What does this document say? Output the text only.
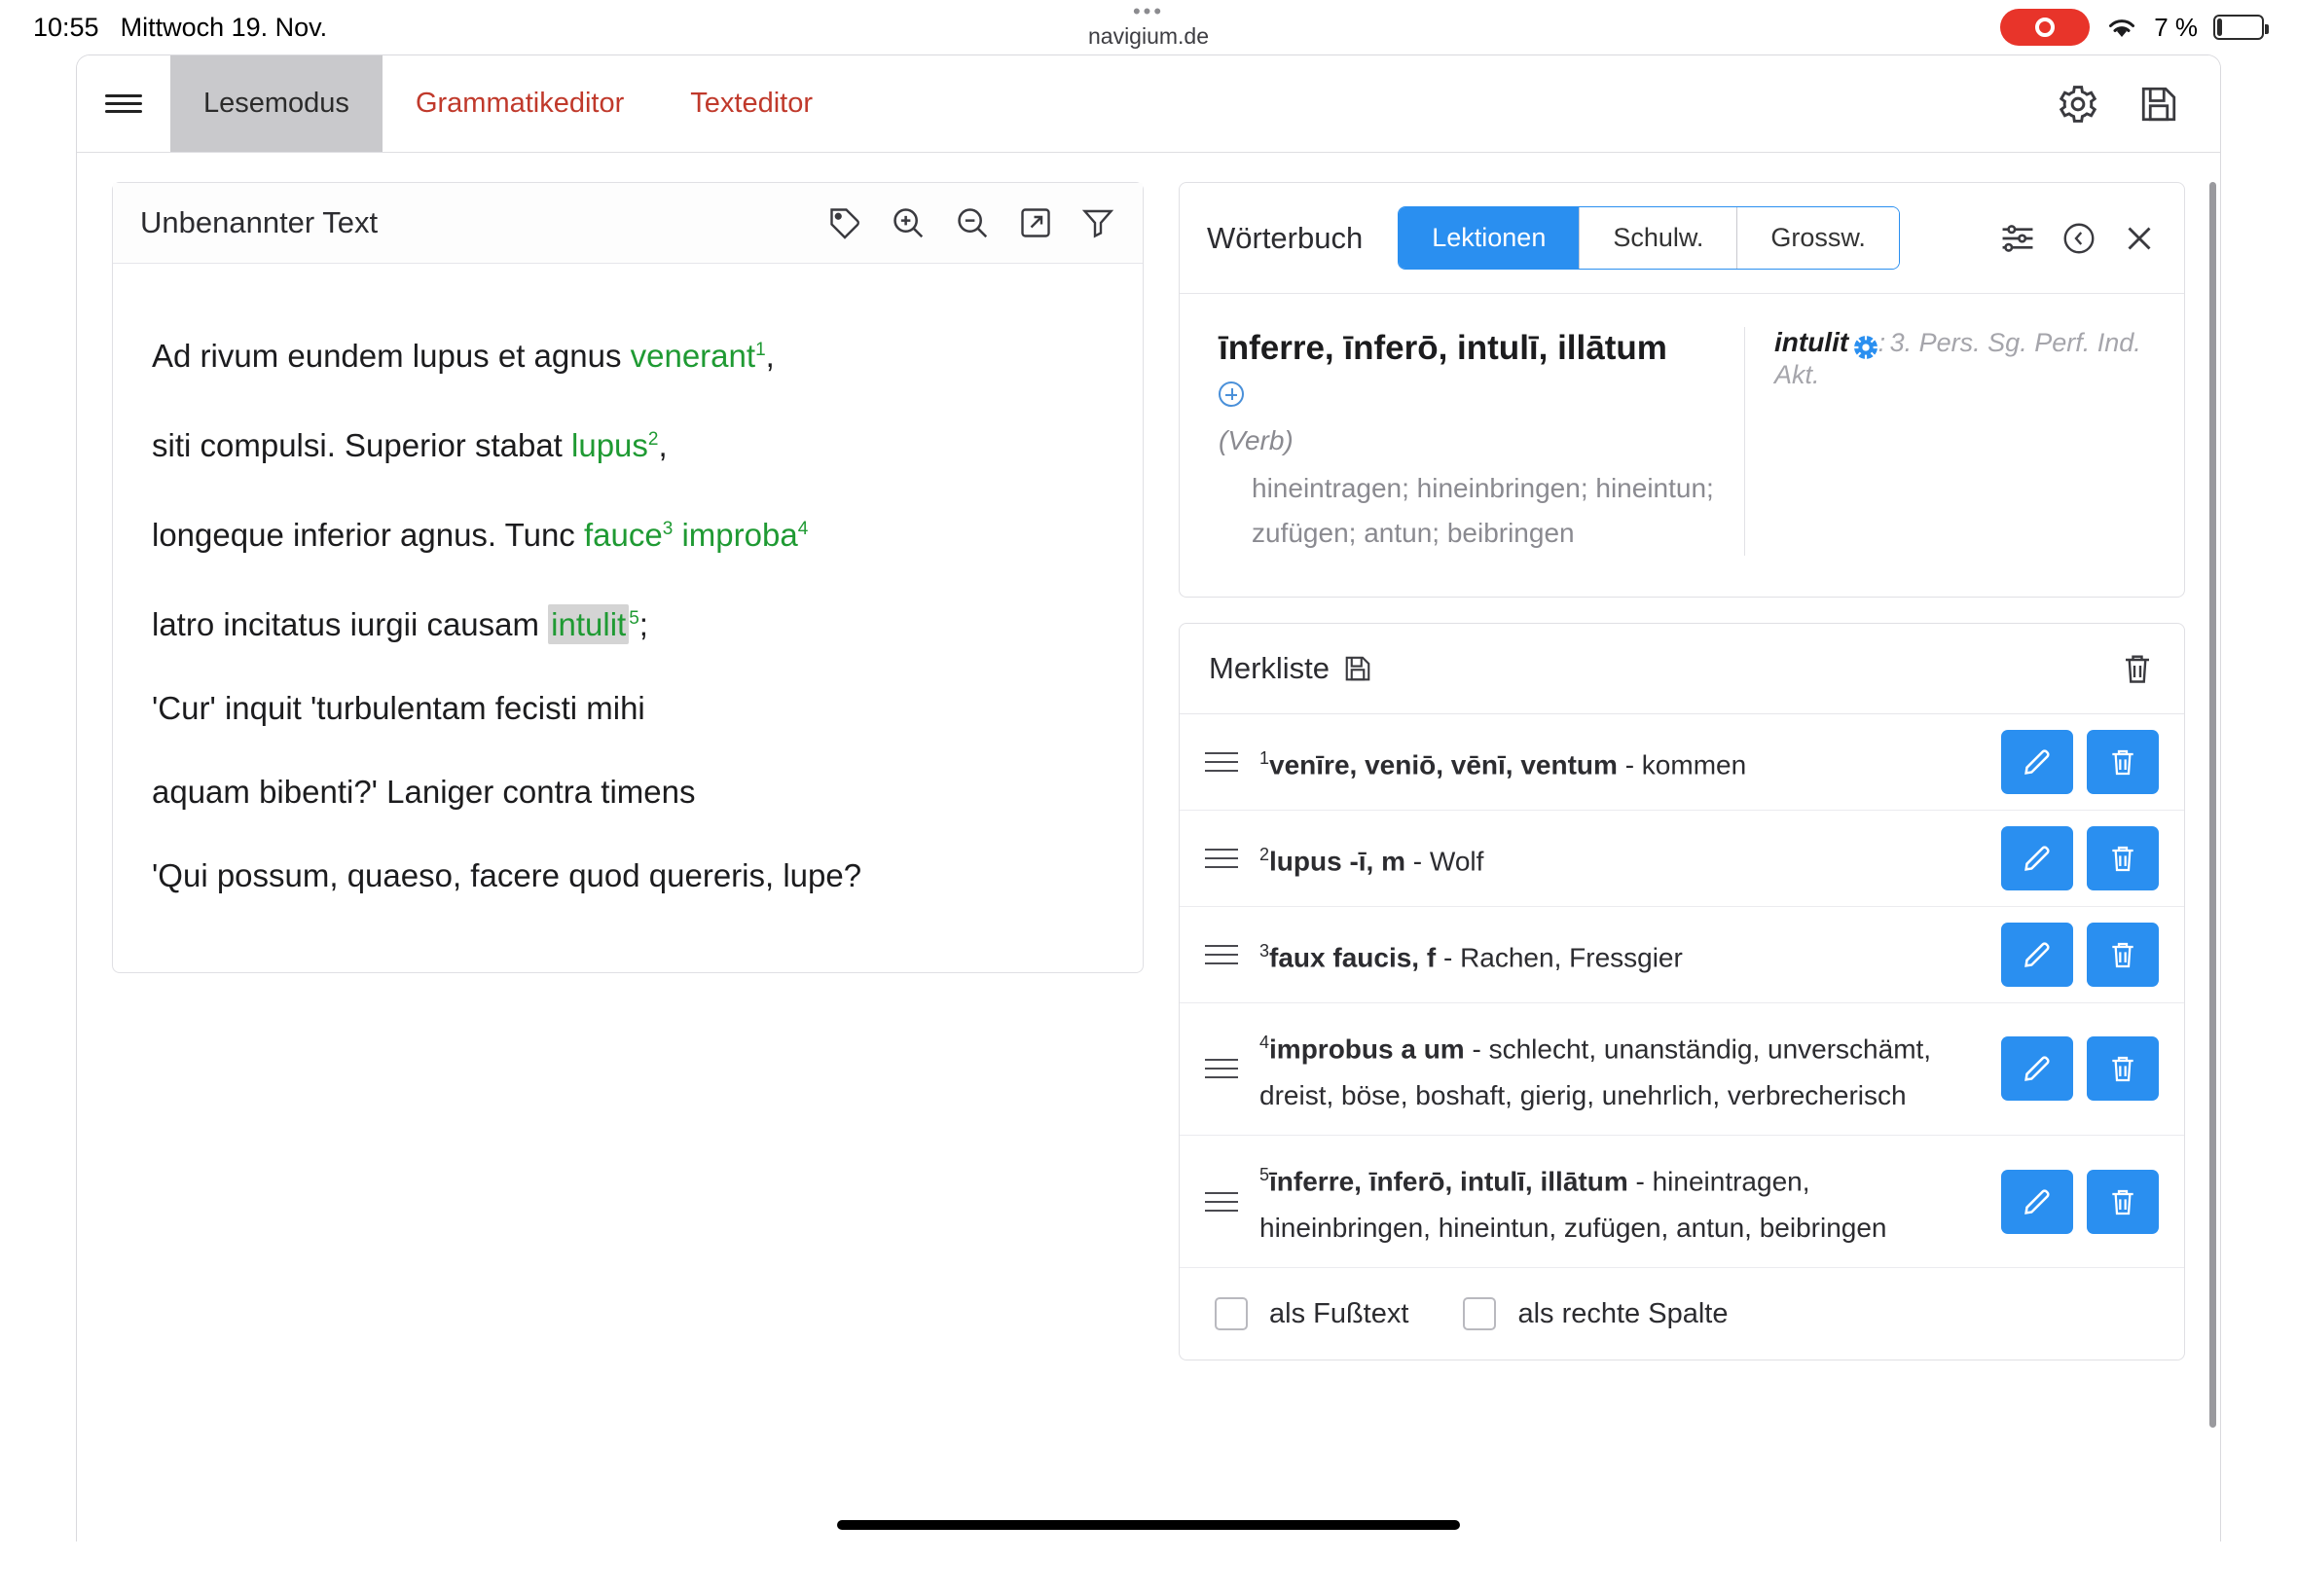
10:55 Mittwoch 19. Nov.
•••
navigium.de	7 %
Lesemodus Grammatikeditor Texteditor
Unbenannter Text
Ad rivum eundem lupus et agnus venerant$^1$,
siti compulsi. Superior stabat lupus$^2$,
longeque inferior agnus. Tunc fauce$^3$ improba$^4$
latro incitatus iurgii causam intulit $^5$;
'Cur' inquit 'turbulentam fecisti mihi
aquam bibenti?' Laniger contra timens
'Qui possum, quaeso, facere quod quereris, lupe?
Wörterbuch	Lektionen	Schulw.	Grossw.
īnferre, īnferō, intulī, illātum
(Verb)
hineintragen; hineinbringen; hineintun; zufügen; antun; beibringen
intulit : 3. Pers. Sg. Perf. Ind. Akt.
Merkliste
$^1$venīre, veniō, vēnī, ventum - kommen
$^2$lupus -ī, m - Wolf
$^3$faux faucis, f - Rachen, Fressgier
$^4$improbus a um - schlecht, unanständig, unverschämt, dreist, böse, boshaft, gierig, unehrlich, verbrecherisch
$^5$īnferre, īnferō, intulī, illātum - hineintragen, hineinbringen, hineintun, zufügen, antun, beibringen
als Fußtext	als rechte Spalte
